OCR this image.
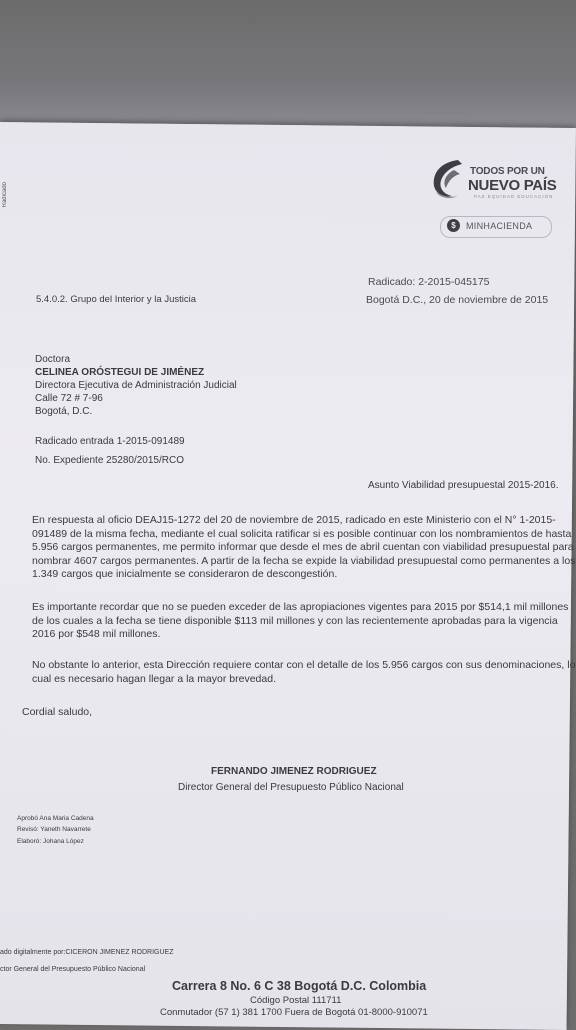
Radicado
TODOS POR UN
NUEVO PAÍS
PAZ EQUIDAD EDUCACIÓN
$	MINHACIENDA
Radicado: 2-2015-045175
5.4.0.2. Grupo del Interior y la Justicia	Bogotá D.C., 20 de noviembre de 2015
Doctora
CELINEA ORÓSTEGUI DE JIMÉNEZ
Directora Ejecutiva de Administración Judicial
Calle 72 # 7-96
Bogotá, D.C.
Radicado entrada 1-2015-091489
No. Expediente 25280/2015/RCO
Asunto Viabilidad presupuestal 2015-2016.
En respuesta al oficio DEAJ15-1272 del 20 de noviembre de 2015, radicado en este Ministerio con el N° 1-2015-
091489 de la misma fecha, mediante el cual solicita ratificar si es posible continuar con los nombramientos de hasta
5.956 cargos permanentes, me permito informar que desde el mes de abril cuentan con viabilidad presupuestal para
nombrar 4607 cargos permanentes. A partir de la fecha se expide la viabilidad presupuestal como permanentes a los
1.349 cargos que inicialmente se consideraron de descongestión.
Es importante recordar que no se pueden exceder de las apropiaciones vigentes para 2015 por $514,1 mil millones
de los cuales a la fecha se tiene disponible $113 mil millones y con las recientemente aprobadas para la vigencia
2016 por $548 mil millones.
No obstante lo anterior, esta Dirección requiere contar con el detalle de los 5.956 cargos con sus denominaciones, lo
cual es necesario hagan llegar a la mayor brevedad.
Cordial saludo,
FERNANDO JIMENEZ RODRIGUEZ
Director General del Presupuesto Público Nacional
Aprobó Ana Maria Cadena
Revisó: Yaneth Navarrete
Elaboró: Johana López
ado digitalmente por:CICERON JIMENEZ RODRIGUEZ
ctor General del Presupuesto Público Nacional
Carrera 8 No. 6 C 38 Bogotá D.C. Colombia
Código Postal 111711
Conmutador (57 1) 381 1700 Fuera de Bogotá 01-8000-910071
